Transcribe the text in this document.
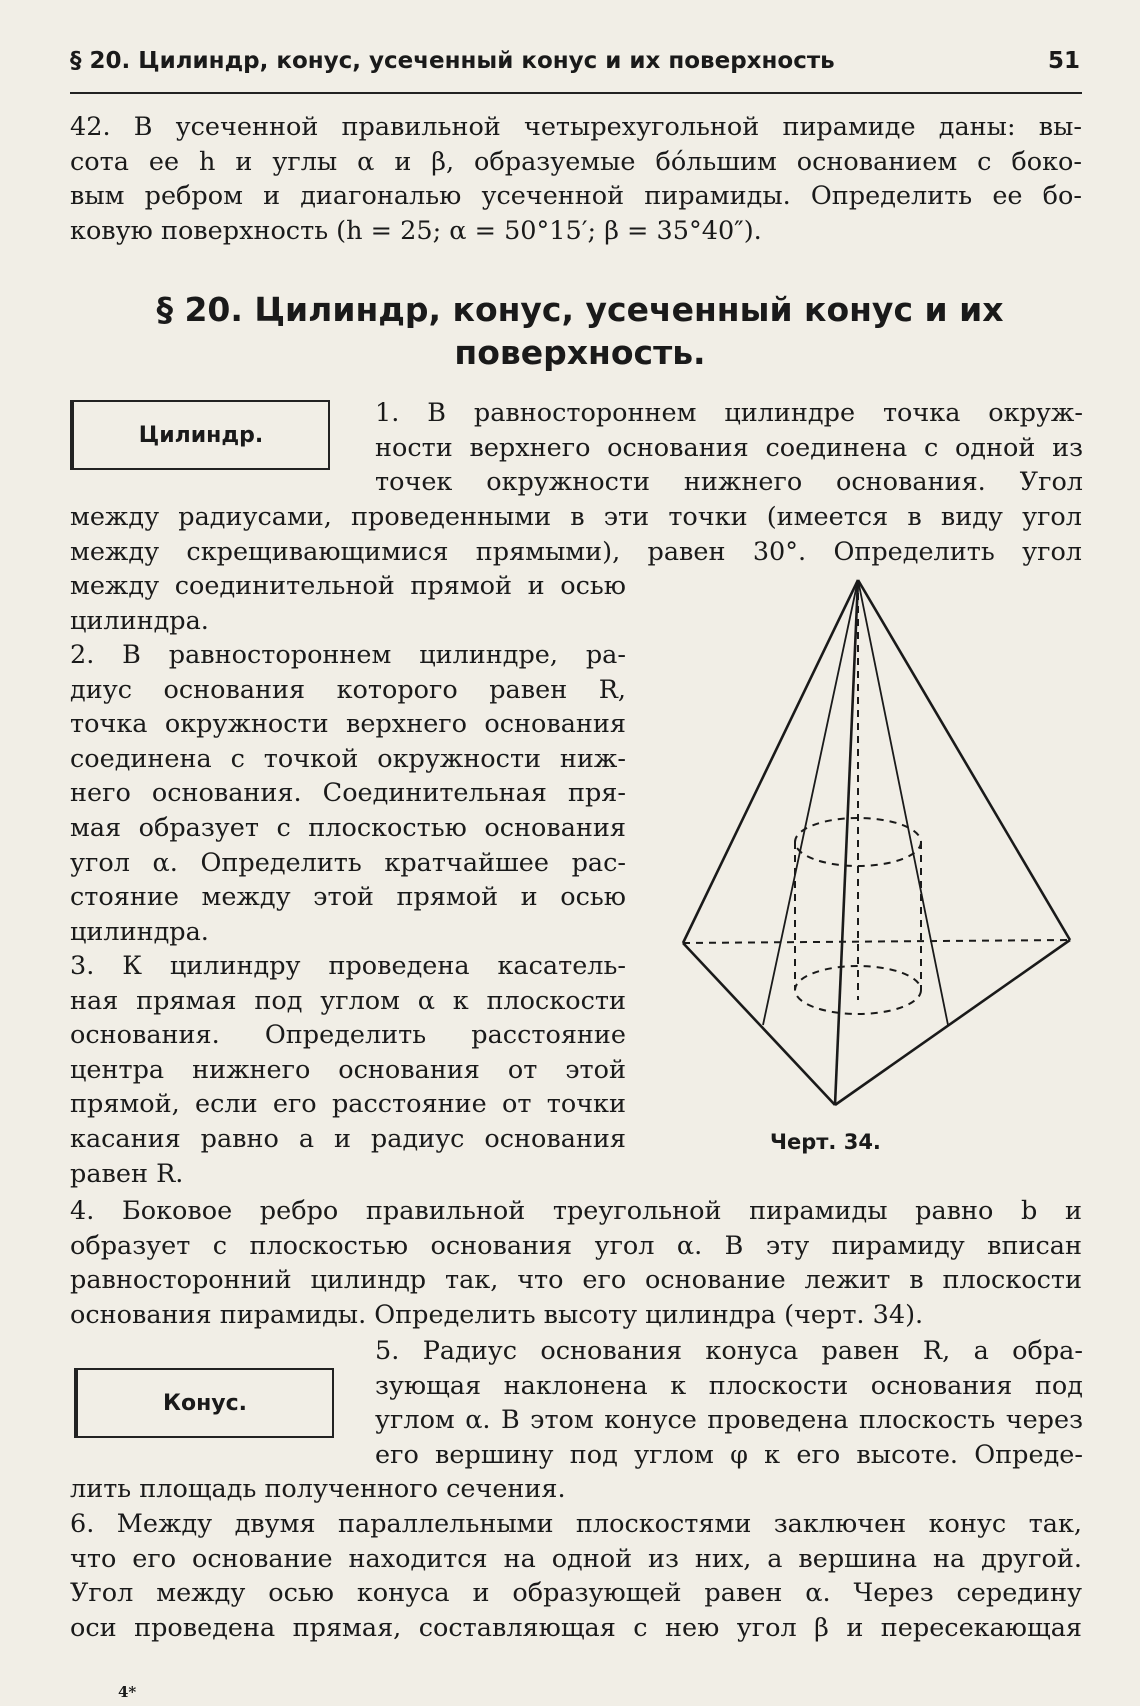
§ 20. Цилиндр, конус, усеченный конус и их поверхность	51
42. В усеченной правильной четырехугольной пирамиде даны: вы-
сота ее h и углы α и β, образуемые бо́льшим основанием с боко-
вым ребром и диагональю усеченной пирамиды. Определить ее бо-
ковую поверхность (h = 25; α = 50°15′; β = 35°40″).
§ 20. Цилиндр, конус, усеченный конус и их
поверхность.
Цилиндр.
1. В равностороннем цилиндре точка окруж-
ности верхнего основания соединена с одной из
точек окружности нижнего основания. Угол
между радиусами, проведенными в эти точки (имеется в виду угол
между скрещивающимися прямыми), равен 30°. Определить угол
между соединительной прямой и осью
цилиндра.
2. В равностороннем цилиндре, ра-
диус основания которого равен R,
точка окружности верхнего основания
соединена с точкой окружности ниж-
него основания. Соединительная пря-
мая образует с плоскостью основания
угол α. Определить кратчайшее рас-
стояние между этой прямой и осью
цилиндра.
3. К цилиндру проведена касатель-
ная прямая под углом α к плоскости
основания. Определить расстояние
центра нижнего основания от этой
прямой, если его расстояние от точки
касания равно a и радиус основания
равен R.
Черт. 34.
4. Боковое ребро правильной треугольной пирамиды равно b и
образует с плоскостью основания угол α. В эту пирамиду вписан
равносторонний цилиндр так, что его основание лежит в плоскости
основания пирамиды. Определить высоту цилиндра (черт. 34).
Конус.
5. Радиус основания конуса равен R, а обра-
зующая наклонена к плоскости основания под
углом α. В этом конусе проведена плоскость через
его вершину под углом φ к его высоте. Опреде-
лить площадь полученного сечения.
6. Между двумя параллельными плоскостями заключен конус так,
что его основание находится на одной из них, а вершина на другой.
Угол между осью конуса и образующей равен α. Через середину
оси проведена прямая, составляющая с нею угол β и пересекающая
4*
